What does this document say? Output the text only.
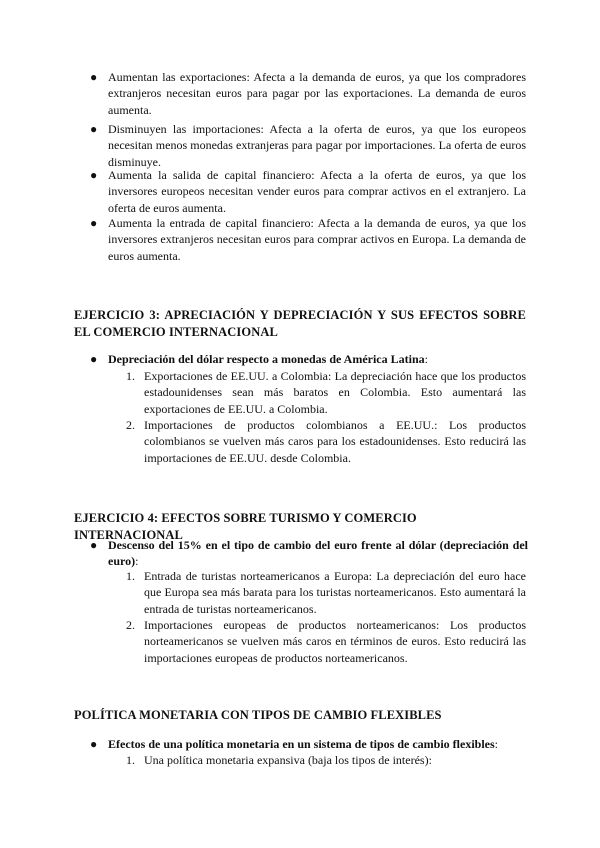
● Aumentan las exportaciones: Afecta a la demanda de euros, ya que los compradores extranjeros necesitan euros para pagar por las exportaciones. La demanda de euros aumenta.
● Disminuyen las importaciones: Afecta a la oferta de euros, ya que los europeos necesitan menos monedas extranjeras para pagar por importaciones. La oferta de euros disminuye.
● Aumenta la salida de capital financiero: Afecta a la oferta de euros, ya que los inversores europeos necesitan vender euros para comprar activos en el extranjero. La oferta de euros aumenta.
● Aumenta la entrada de capital financiero: Afecta a la demanda de euros, ya que los inversores extranjeros necesitan euros para comprar activos en Europa. La demanda de euros aumenta.
EJERCICIO 3: APRECIACIÓN Y DEPRECIACIÓN Y SUS EFECTOS SOBRE EL COMERCIO INTERNACIONAL
● Depreciación del dólar respecto a monedas de América Latina:
1. Exportaciones de EE.UU. a Colombia: La depreciación hace que los productos estadounidenses sean más baratos en Colombia. Esto aumentará las exportaciones de EE.UU. a Colombia.
2. Importaciones de productos colombianos a EE.UU.: Los productos colombianos se vuelven más caros para los estadounidenses. Esto reducirá las importaciones de EE.UU. desde Colombia.
EJERCICIO 4: EFECTOS SOBRE TURISMO Y COMERCIO INTERNACIONAL
● Descenso del 15% en el tipo de cambio del euro frente al dólar (depreciación del euro):
1. Entrada de turistas norteamericanos a Europa: La depreciación del euro hace que Europa sea más barata para los turistas norteamericanos. Esto aumentará la entrada de turistas norteamericanos.
2. Importaciones europeas de productos norteamericanos: Los productos norteamericanos se vuelven más caros en términos de euros. Esto reducirá las importaciones europeas de productos norteamericanos.
POLÍTICA MONETARIA CON TIPOS DE CAMBIO FLEXIBLES
● Efectos de una política monetaria en un sistema de tipos de cambio flexibles:
1. Una política monetaria expansiva (baja los tipos de interés):
